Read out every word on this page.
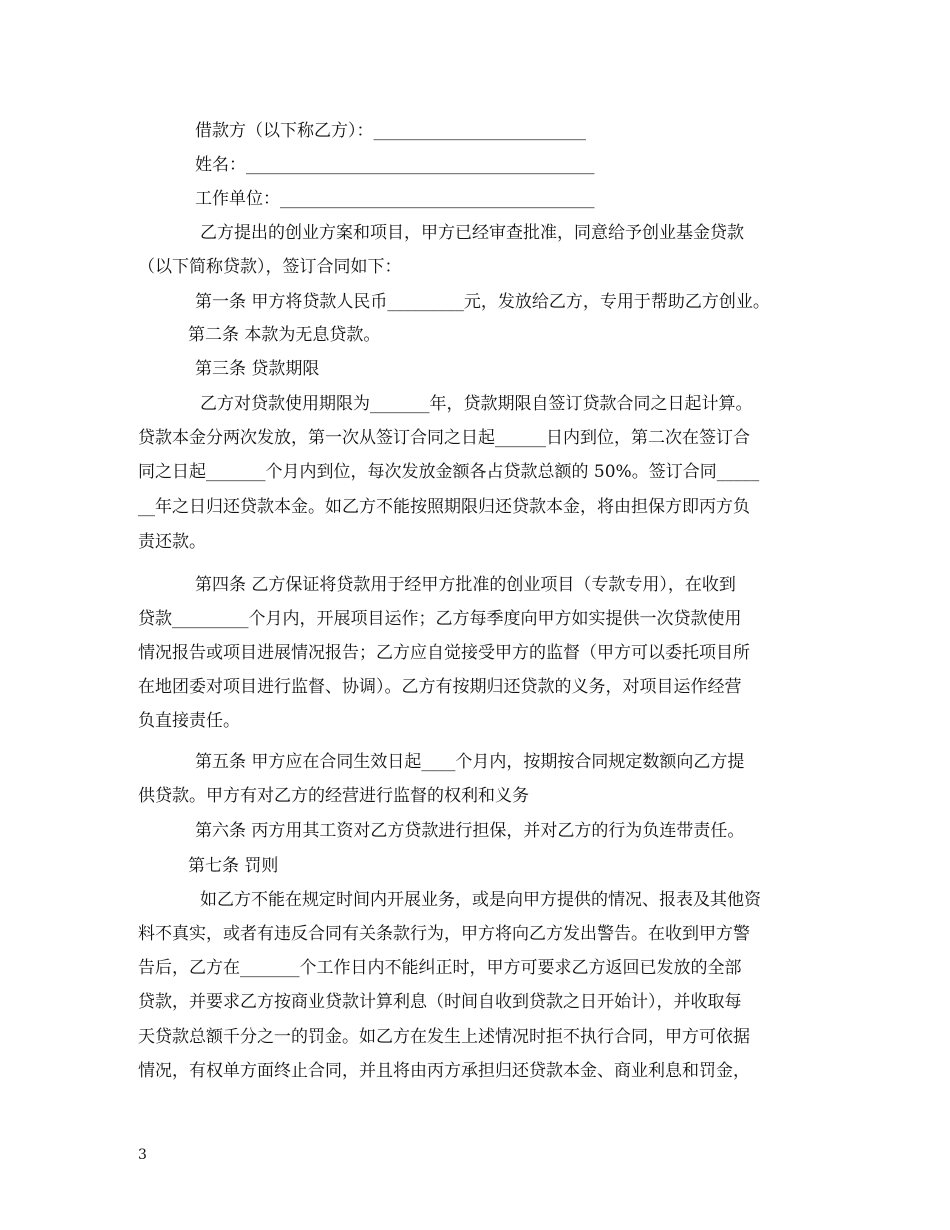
借款方（以下称乙方）：_________________________
姓名：_________________________________________
工作单位：_____________________________________
乙方提出的创业方案和项目，甲方已经审查批准，同意给予创业基金贷款
（以下简称贷款），签订合同如下：
第一条 甲方将贷款人民币_________元，发放给乙方，专用于帮助乙方创业。
第二条 本款为无息贷款。
第三条 贷款期限
乙方对贷款使用期限为_______年，贷款期限自签订贷款合同之日起计算。
贷款本金分两次发放，第一次从签订合同之日起______日内到位，第二次在签订合
同之日起_______个月内到位，每次发放金额各占贷款总额的 50%。签订合同_____
__年之日归还贷款本金。如乙方不能按照期限归还贷款本金，将由担保方即丙方负
责还款。
第四条 乙方保证将贷款用于经甲方批准的创业项目（专款专用），在收到
贷款_________个月内，开展项目运作；乙方每季度向甲方如实提供一次贷款使用
情况报告或项目进展情况报告；乙方应自觉接受甲方的监督（甲方可以委托项目所
在地团委对项目进行监督、协调）。乙方有按期归还贷款的义务，对项目运作经营
负直接责任。
第五条 甲方应在合同生效日起____个月内，按期按合同规定数额向乙方提
供贷款。甲方有对乙方的经营进行监督的权利和义务
第六条 丙方用其工资对乙方贷款进行担保，并对乙方的行为负连带责任。
第七条 罚则
如乙方不能在规定时间内开展业务，或是向甲方提供的情况、报表及其他资
料不真实，或者有违反合同有关条款行为，甲方将向乙方发出警告。在收到甲方警
告后，乙方在_______个工作日内不能纠正时，甲方可要求乙方返回已发放的全部
贷款，并要求乙方按商业贷款计算利息（时间自收到贷款之日开始计），并收取每
天贷款总额千分之一的罚金。如乙方在发生上述情况时拒不执行合同，甲方可依据
情况，有权单方面终止合同，并且将由丙方承担归还贷款本金、商业利息和罚金，
3
